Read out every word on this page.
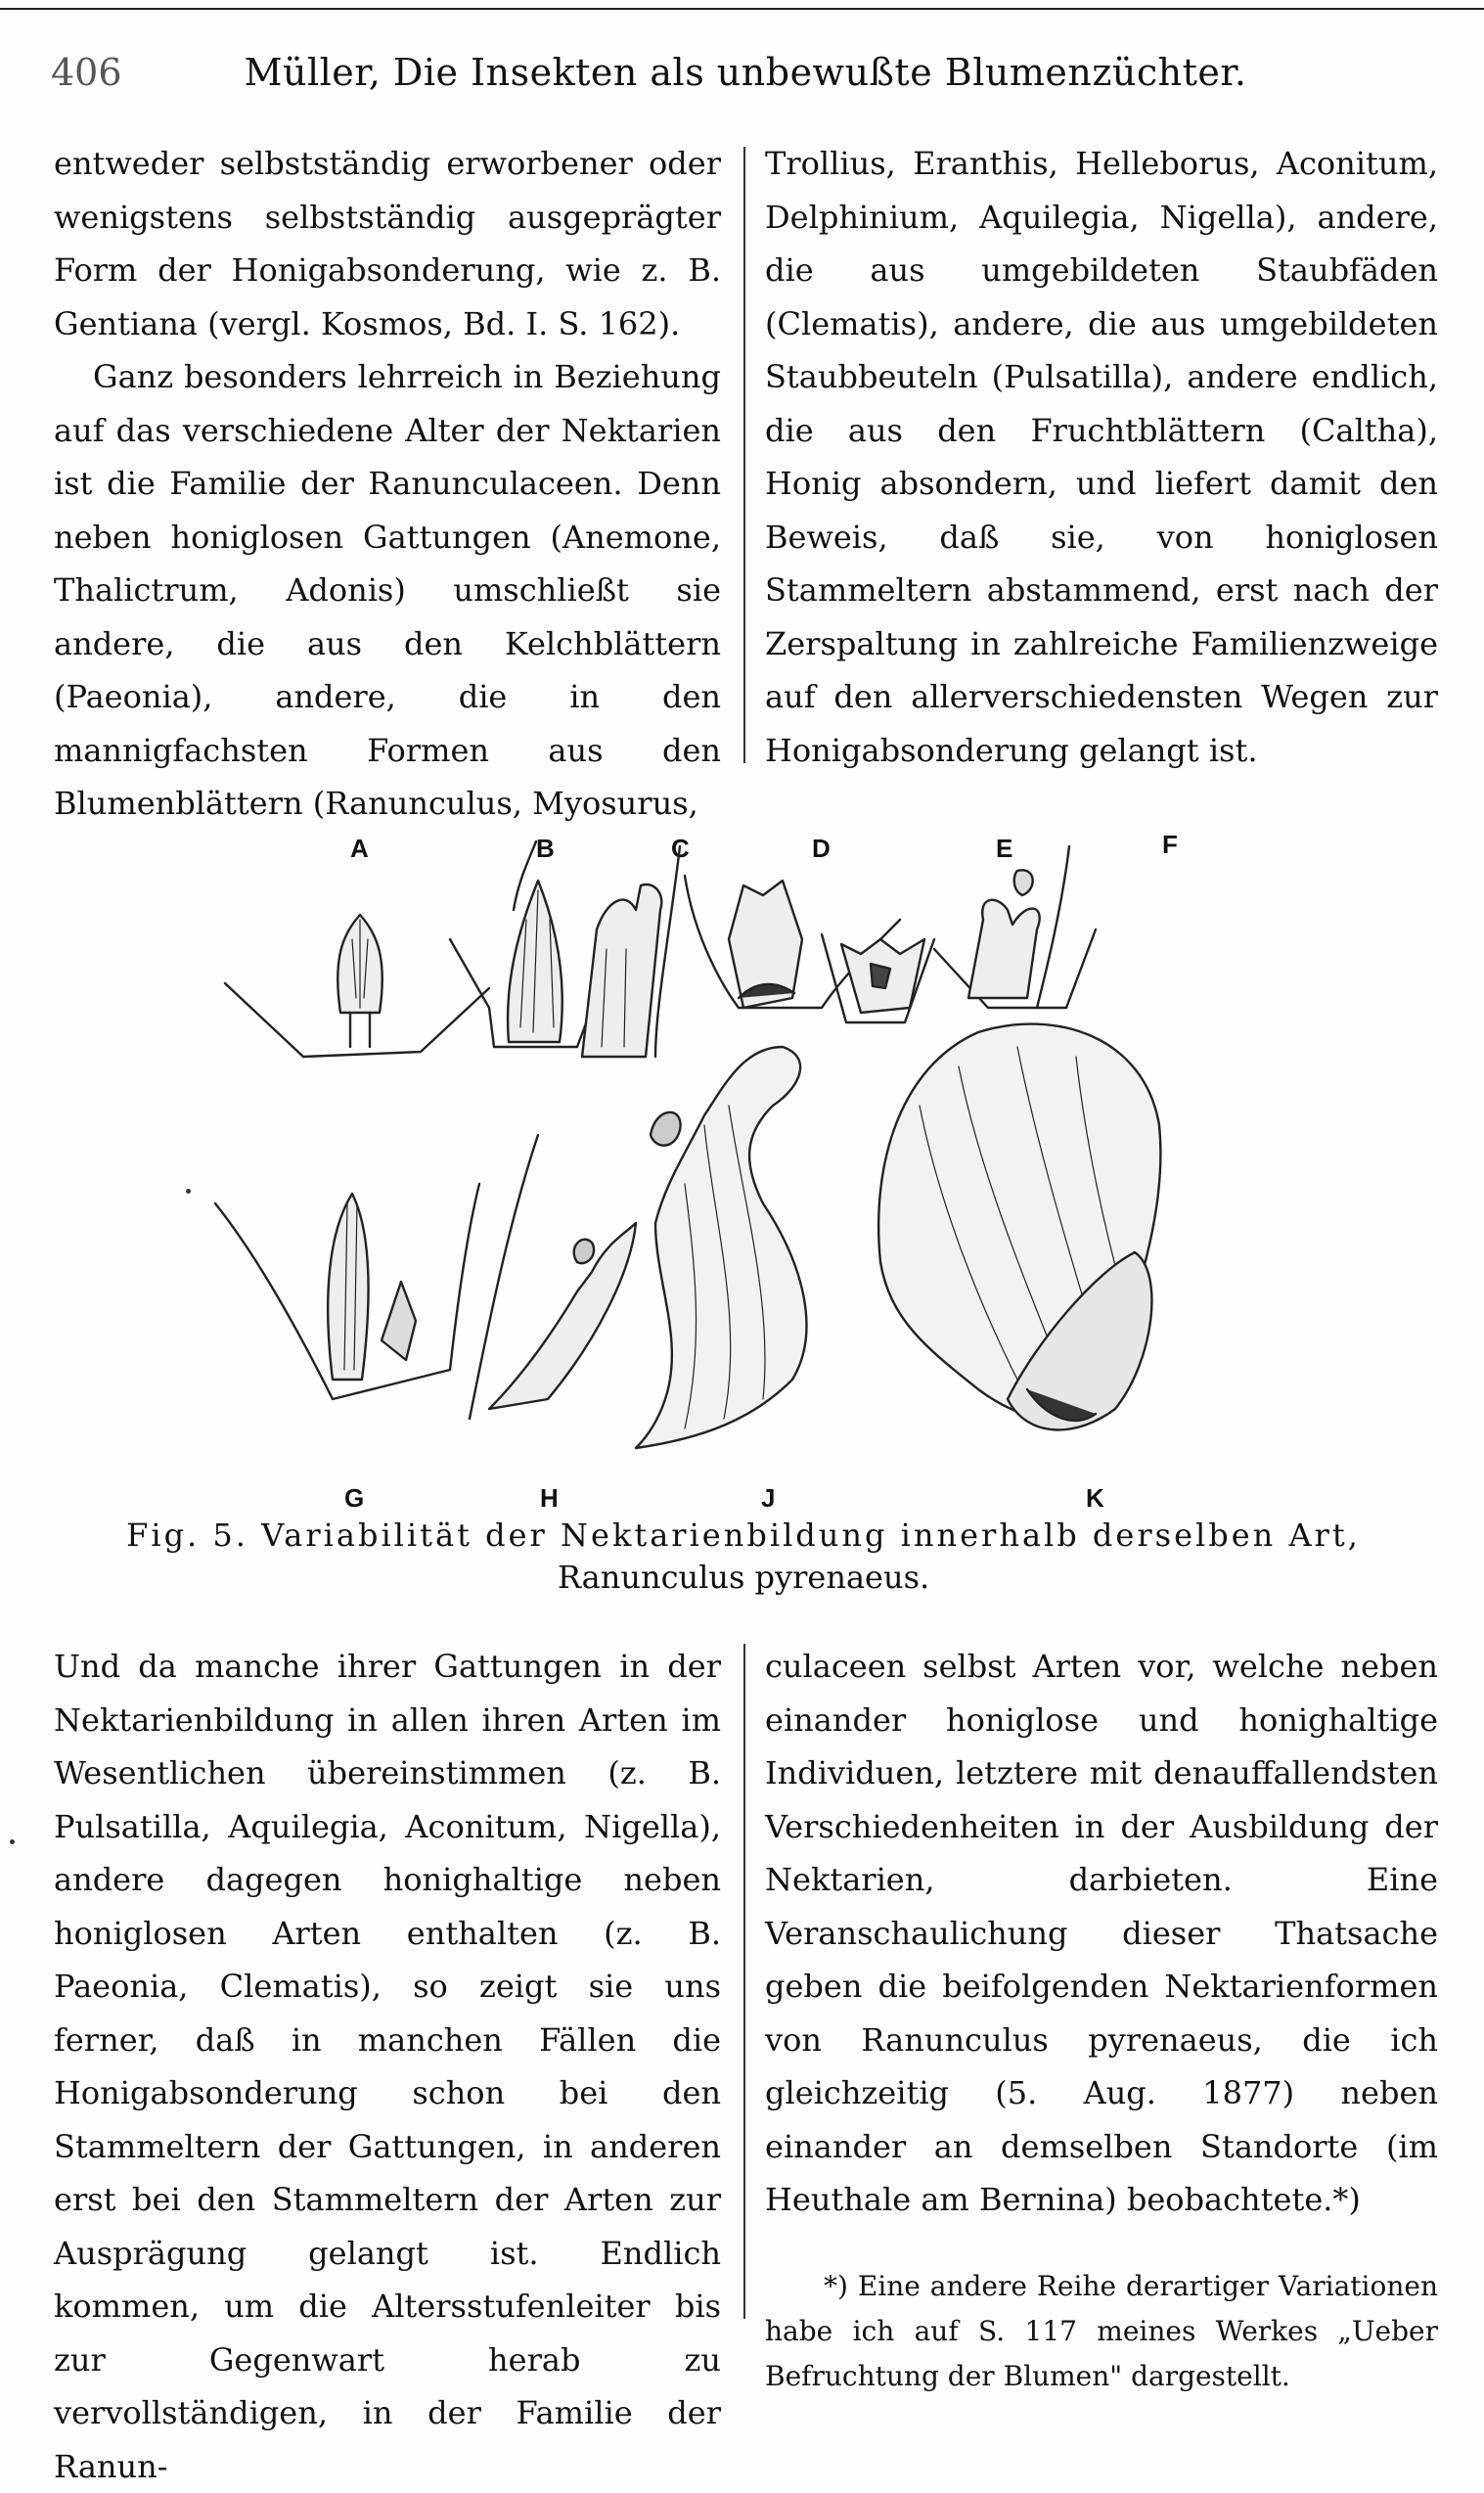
406	Müller, Die Insekten als unbewußte Blumenzüchter.

entweder selbstständig erworbener oder wenigstens selbstständig ausgeprägter Form der Honigabsonderung, wie z. B. Gentiana (vergl. Kosmos, Bd. I. S. 162).

Ganz besonders lehrreich in Beziehung auf das verschiedene Alter der Nektarien ist die Familie der Ranunculaceen. Denn neben honiglosen Gattungen (Anemone, Thalictrum, Adonis) umschließt sie andere, die aus den Kelchblättern (Paeonia), andere, die in den mannigfachsten Formen aus den Blumenblättern (Ranunculus, Myosurus,

Trollius, Eranthis, Helleborus, Aconitum, Delphinium, Aquilegia, Nigella), andere, die aus umgebildeten Staubfäden (Clematis), andere, die aus umgebildeten Staubbeuteln (Pulsatilla), andere endlich, die aus den Fruchtblättern (Caltha), Honig absondern, und liefert damit den Beweis, daß sie, von honiglosen Stammeltern abstammend, erst nach der Zerspaltung in zahlreiche Familienzweige auf den allerverschiedensten Wegen zur Honigabsonderung gelangt ist.

A	B	C	D	E	F
G	H	J	K
Fig. 5. Variabilität der Nektarienbildung innerhalb derselben Art,
Ranunculus pyrenaeus.

Und da manche ihrer Gattungen in der Nektarienbildung in allen ihren Arten im Wesentlichen übereinstimmen (z. B. Pulsatilla, Aquilegia, Aconitum, Nigella), andere dagegen honighaltige neben honiglosen Arten enthalten (z. B. Paeonia, Clematis), so zeigt sie uns ferner, daß in manchen Fällen die Honigabsonderung schon bei den Stammeltern der Gattungen, in anderen erst bei den Stammeltern der Arten zur Ausprägung gelangt ist. Endlich kommen, um die Altersstufenleiter bis zur Gegenwart herab zu vervollständigen, in der Familie der Ranun-

culaceen selbst Arten vor, welche neben einander honiglose und honighaltige Individuen, letztere mit denauffallendsten Verschiedenheiten in der Ausbildung der Nektarien, darbieten. Eine Veranschaulichung dieser Thatsache geben die beifolgenden Nektarienformen von Ranunculus pyrenaeus, die ich gleichzeitig (5. Aug. 1877) neben einander an demselben Standorte (im Heuthale am Bernina) beobachtete.*)

*) Eine andere Reihe derartiger Variationen habe ich auf S. 117 meines Werkes „Ueber Befruchtung der Blumen" dargestellt.
